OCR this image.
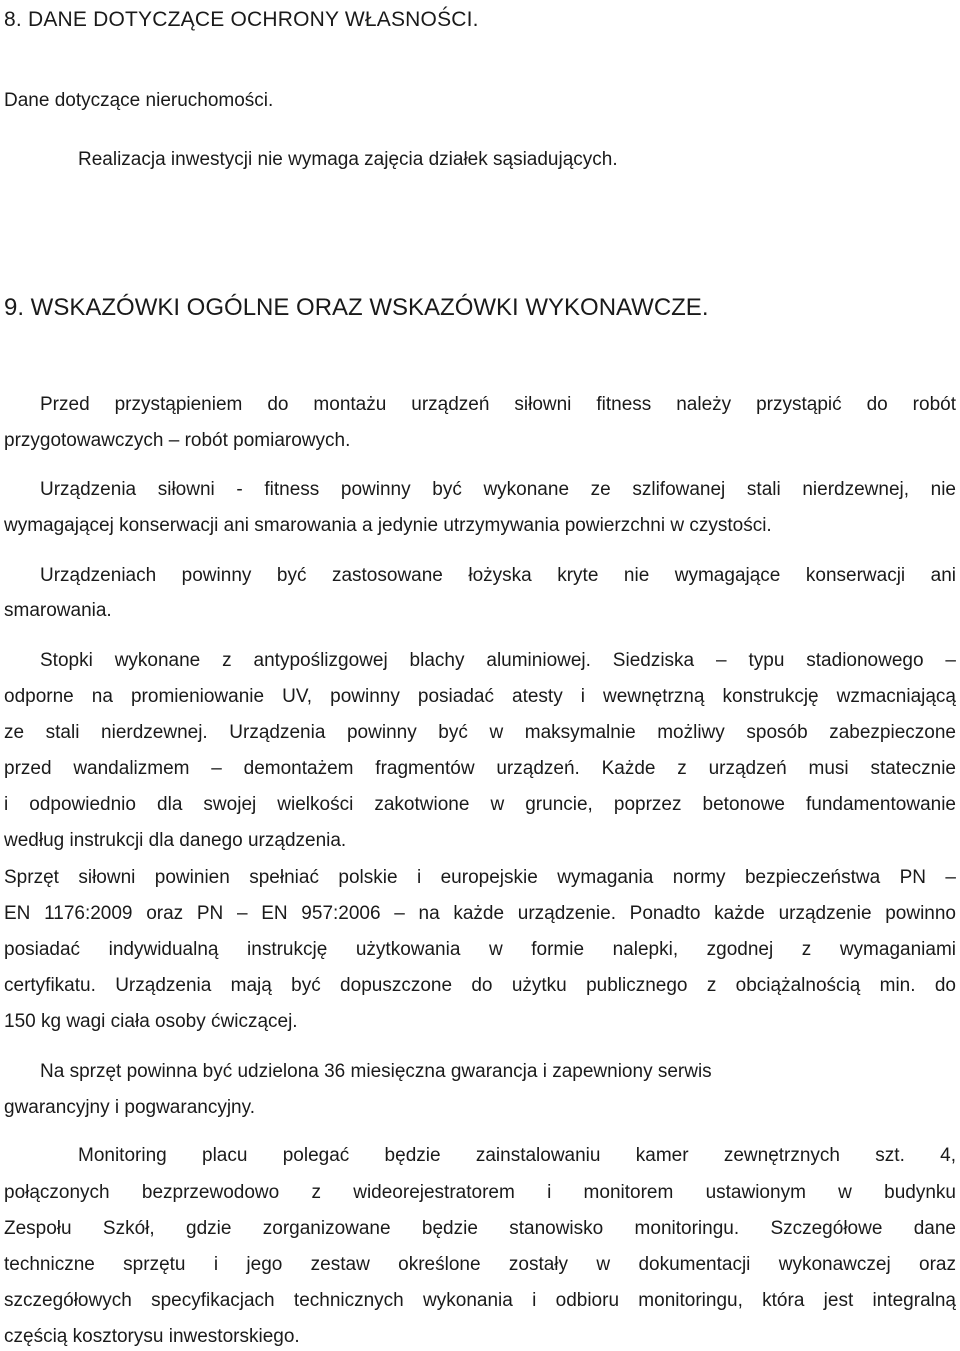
8. DANE DOTYCZĄCE OCHRONY WŁASNOŚCI.
Dane dotyczące nieruchomości.
Realizacja inwestycji nie wymaga zajęcia działek sąsiadujących.
9. WSKAZÓWKI OGÓLNE ORAZ WSKAZÓWKI WYKONAWCZE.
Przed przystąpieniem do montażu urządzeń siłowni fitness należy przystąpić do robót
przygotowawczych – robót pomiarowych.
Urządzenia siłowni - fitness powinny być wykonane ze szlifowanej stali nierdzewnej, nie
wymagającej konserwacji ani smarowania a jedynie utrzymywania powierzchni w czystości.
Urządzeniach powinny być zastosowane łożyska kryte nie wymagające konserwacji ani
smarowania.
Stopki wykonane z antypoślizgowej blachy aluminiowej. Siedziska – typu stadionowego –
odporne na promieniowanie UV, powinny posiadać atesty i wewnętrzną konstrukcję wzmacniającą
ze stali nierdzewnej. Urządzenia powinny być w maksymalnie możliwy sposób zabezpieczone
przed wandalizmem – demontażem fragmentów urządzeń. Każde z urządzeń musi statecznie
i odpowiednio dla swojej wielkości zakotwione w gruncie, poprzez betonowe fundamentowanie
według instrukcji dla danego urządzenia.
Sprzęt siłowni powinien spełniać polskie i europejskie wymagania normy bezpieczeństwa PN –
EN 1176:2009 oraz PN – EN 957:2006 – na każde urządzenie. Ponadto każde urządzenie powinno
posiadać indywidualną instrukcję użytkowania w formie nalepki, zgodnej z wymaganiami
certyfikatu. Urządzenia mają być dopuszczone do użytku publicznego z obciążalnością min. do
150 kg wagi ciała osoby ćwiczącej.
Na sprzęt powinna być udzielona 36 miesięczna gwarancja i zapewniony serwis
gwarancyjny i pogwarancyjny.
Monitoring placu polegać będzie zainstalowaniu kamer zewnętrznych szt. 4,
połączonych bezprzewodowo z wideorejestratorem i monitorem ustawionym w budynku
Zespołu Szkół, gdzie zorganizowane będzie stanowisko monitoringu. Szczegółowe dane
techniczne sprzętu i jego zestaw określone zostały w dokumentacji wykonawczej oraz
szczegółowych specyfikacjach technicznych wykonania i odbioru monitoringu, która jest integralną
częścią kosztorysu inwestorskiego.
